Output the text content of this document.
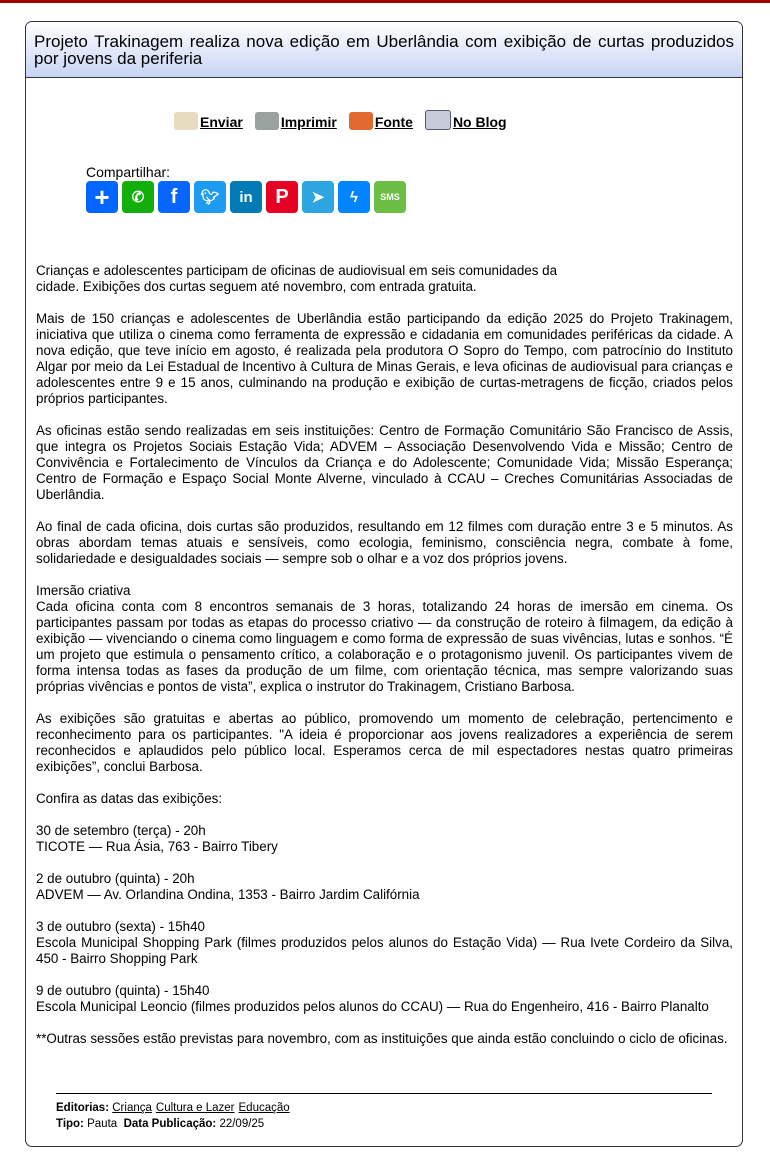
Projeto Trakinagem realiza nova edição em Uberlândia com exibição de curtas produzidos por jovens da periferia
Enviar	Imprimir	Fonte	No Blog
Compartilhar:
+	✆	f	🐦︎	in	P	➤	ϟ	SMS

Crianças e adolescentes participam de oficinas de audiovisual em seis comunidades da
cidade. Exibições dos curtas seguem até novembro, com entrada gratuita.

Mais de 150 crianças e adolescentes de Uberlândia estão participando da edição 2025 do Projeto Trakinagem, iniciativa que utiliza o cinema como ferramenta de expressão e cidadania em comunidades periféricas da cidade. A nova edição, que teve início em agosto, é realizada pela produtora O Sopro do Tempo, com patrocínio do Instituto Algar por meio da Lei Estadual de Incentivo à Cultura de Minas Gerais, e leva oficinas de audiovisual para crianças e adolescentes entre 9 e 15 anos, culminando na produção e exibição de curtas-metragens de ficção, criados pelos próprios participantes.

As oficinas estão sendo realizadas em seis instituições: Centro de Formação Comunitário São Francisco de Assis, que integra os Projetos Sociais Estação Vida; ADVEM – Associação Desenvolvendo Vida e Missão; Centro de Convivência e Fortalecimento de Vínculos da Criança e do Adolescente; Comunidade Vida; Missão Esperança; Centro de Formação e Espaço Social Monte Alverne, vinculado à CCAU – Creches Comunitárias Associadas de Uberlândia.

Ao final de cada oficina, dois curtas são produzidos, resultando em 12 filmes com duração entre 3 e 5 minutos. As obras abordam temas atuais e sensíveis, como ecologia, feminismo, consciência negra, combate à fome, solidariedade e desigualdades sociais — sempre sob o olhar e a voz dos próprios jovens.

Imersão criativa
Cada oficina conta com 8 encontros semanais de 3 horas, totalizando 24 horas de imersão em cinema. Os participantes passam por todas as etapas do processo criativo — da construção de roteiro à filmagem, da edição à exibição — vivenciando o cinema como linguagem e como forma de expressão de suas vivências, lutas e sonhos. “É um projeto que estimula o pensamento crítico, a colaboração e o protagonismo juvenil. Os participantes vivem de forma intensa todas as fases da produção de um filme, com orientação técnica, mas sempre valorizando suas próprias vivências e pontos de vista”, explica o instrutor do Trakinagem, Cristiano Barbosa.

As exibições são gratuitas e abertas ao público, promovendo um momento de celebração, pertencimento e reconhecimento para os participantes. "A ideia é proporcionar aos jovens realizadores a experiência de serem reconhecidos e aplaudidos pelo público local. Esperamos cerca de mil espectadores nestas quatro primeiras exibições”, conclui Barbosa.

Confira as datas das exibições:

30 de setembro (terça) - 20h
TICOTE — Rua Ásia, 763 - Bairro Tibery

2 de outubro (quinta) - 20h
ADVEM — Av. Orlandina Ondina, 1353 - Bairro Jardim Califórnia

3 de outubro (sexta) - 15h40
Escola Municipal Shopping Park (filmes produzidos pelos alunos do Estação Vida) — Rua Ivete Cordeiro da Silva, 450 - Bairro Shopping Park

9 de outubro (quinta) - 15h40
Escola Municipal Leoncio (filmes produzidos pelos alunos do CCAU) — Rua do Engenheiro, 416 - Bairro Planalto

**Outras sessões estão previstas para novembro, com as instituições que ainda estão concluindo o ciclo de oficinas.

Editorias: Criança Cultura e Lazer Educação
Tipo: Pauta Data Publicação: 22/09/25
